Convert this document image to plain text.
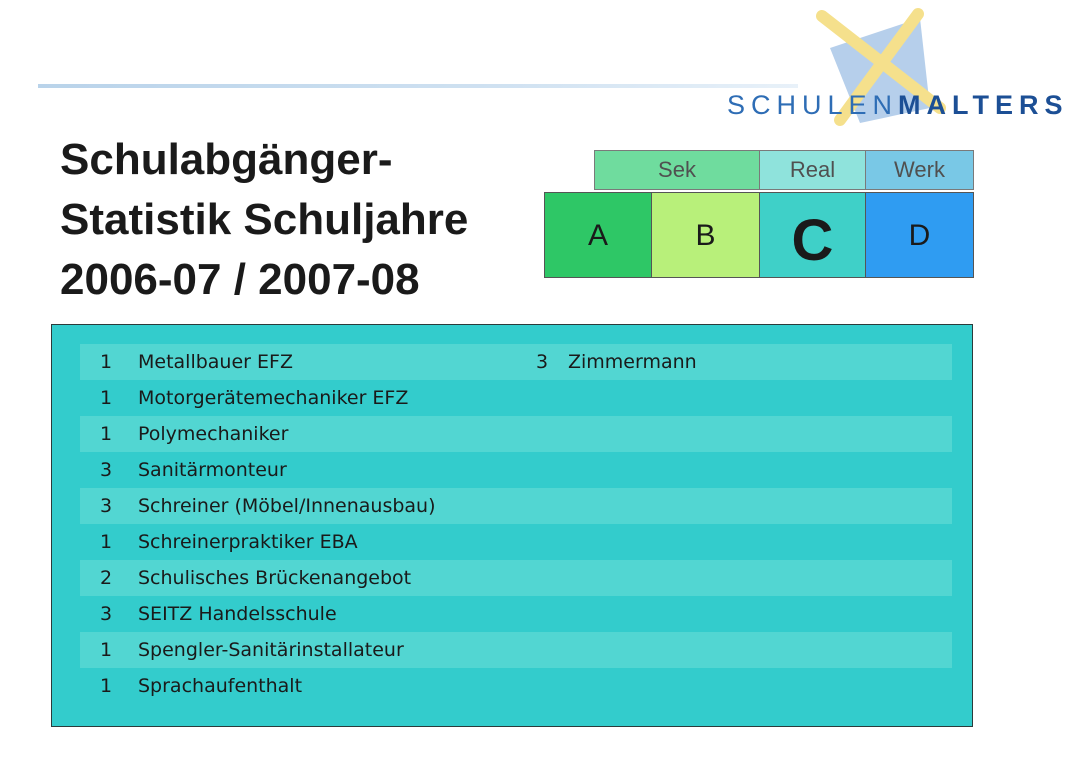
SCHULENMALTERS
Schulabgänger-
Statistik Schuljahre
2006-07 / 2007-08
Sek	Real	Werk
A	B	C	D
1 Metallbauer EFZ	3 Zimmermann
1 Motorgerätemechaniker EFZ
1 Polymechaniker
3 Sanitärmonteur
3 Schreiner (Möbel/Innenausbau)
1 Schreinerpraktiker EBA
2 Schulisches Brückenangebot
3 SEITZ Handelsschule
1 Spengler-Sanitärinstallateur
1 Sprachaufenthalt
